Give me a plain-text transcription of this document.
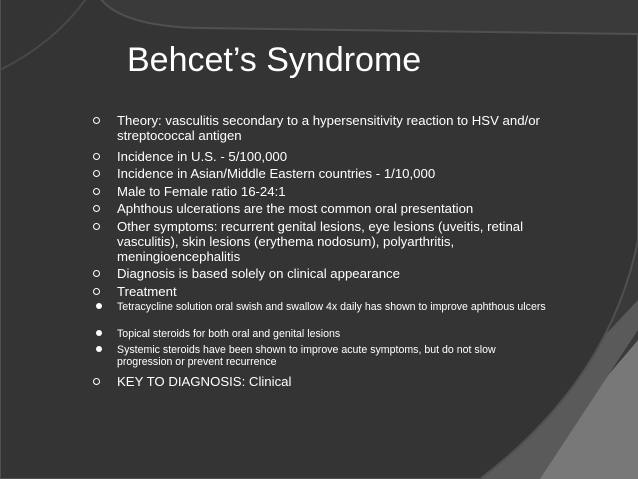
Behcet’s Syndrome
Theory: vasculitis secondary to a hypersensitivity reaction to HSV and/or streptococcal antigen
Incidence in U.S. - 5/100,000
Incidence in Asian/Middle Eastern countries - 1/10,000
Male to Female ratio 16-24:1
Aphthous ulcerations are the most common oral presentation
Other symptoms: recurrent genital lesions, eye lesions (uveitis, retinal vasculitis), skin lesions (erythema nodosum), polyarthritis, meningioencephalitis
Diagnosis is based solely on clinical appearance
Treatment
Tetracycline solution oral swish and swallow 4x daily has shown to improve aphthous ulcers
Topical steroids for both oral and genital lesions
Systemic steroids have been shown to improve acute symptoms, but do not slow progression or prevent recurrence
KEY TO DIAGNOSIS: Clinical
